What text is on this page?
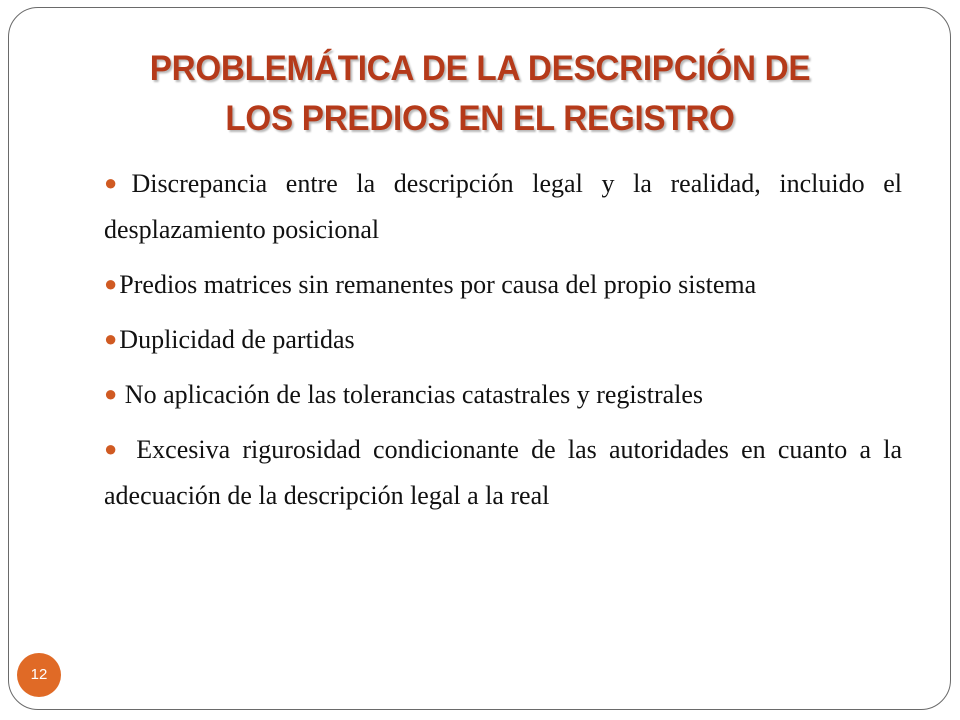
PROBLEMÁTICA DE LA DESCRIPCIÓN DE
LOS PREDIOS EN EL REGISTRO
●Discrepancia entre la descripción legal y la realidad, incluido el desplazamiento posicional
●Predios matrices sin remanentes por causa del propio sistema
●Duplicidad de partidas
● No aplicación de las tolerancias catastrales y registrales
● Excesiva rigurosidad condicionante de las autoridades en cuanto a la adecuación de la descripción legal a la real
12
